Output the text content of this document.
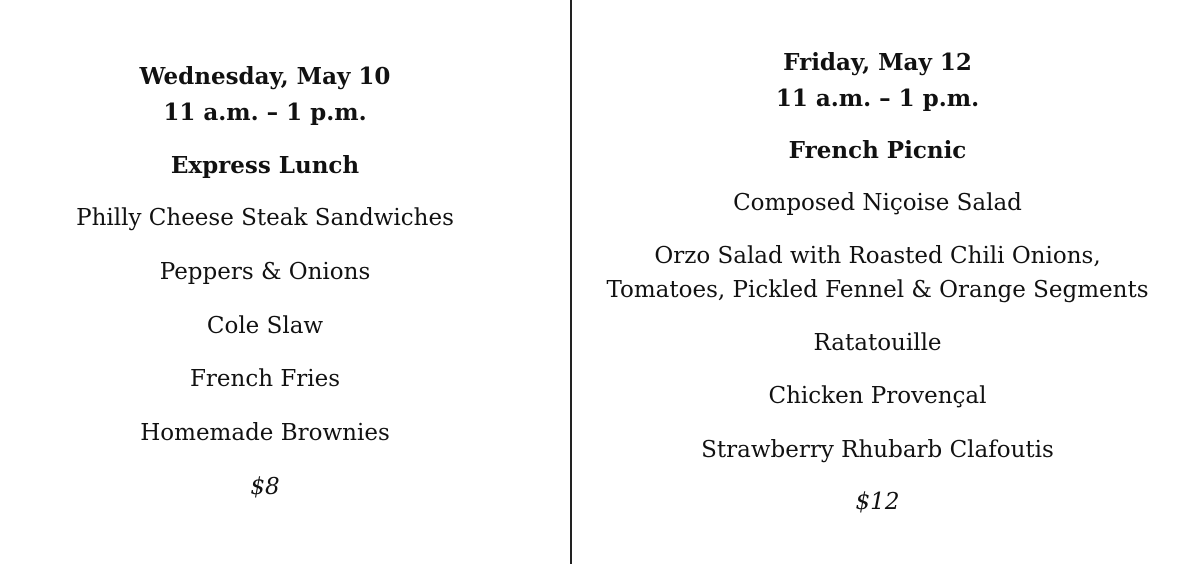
Wednesday, May 10
11 a.m. – 1 p.m.
Express Lunch
Philly Cheese Steak Sandwiches
Peppers & Onions
Cole Slaw
French Fries
Homemade Brownies
$8
Friday, May 12
11 a.m. – 1 p.m.
French Picnic
Composed Niçoise Salad
Orzo Salad with Roasted Chili Onions,
Tomatoes, Pickled Fennel & Orange Segments
Ratatouille
Chicken Provençal
Strawberry Rhubarb Clafoutis
$12
